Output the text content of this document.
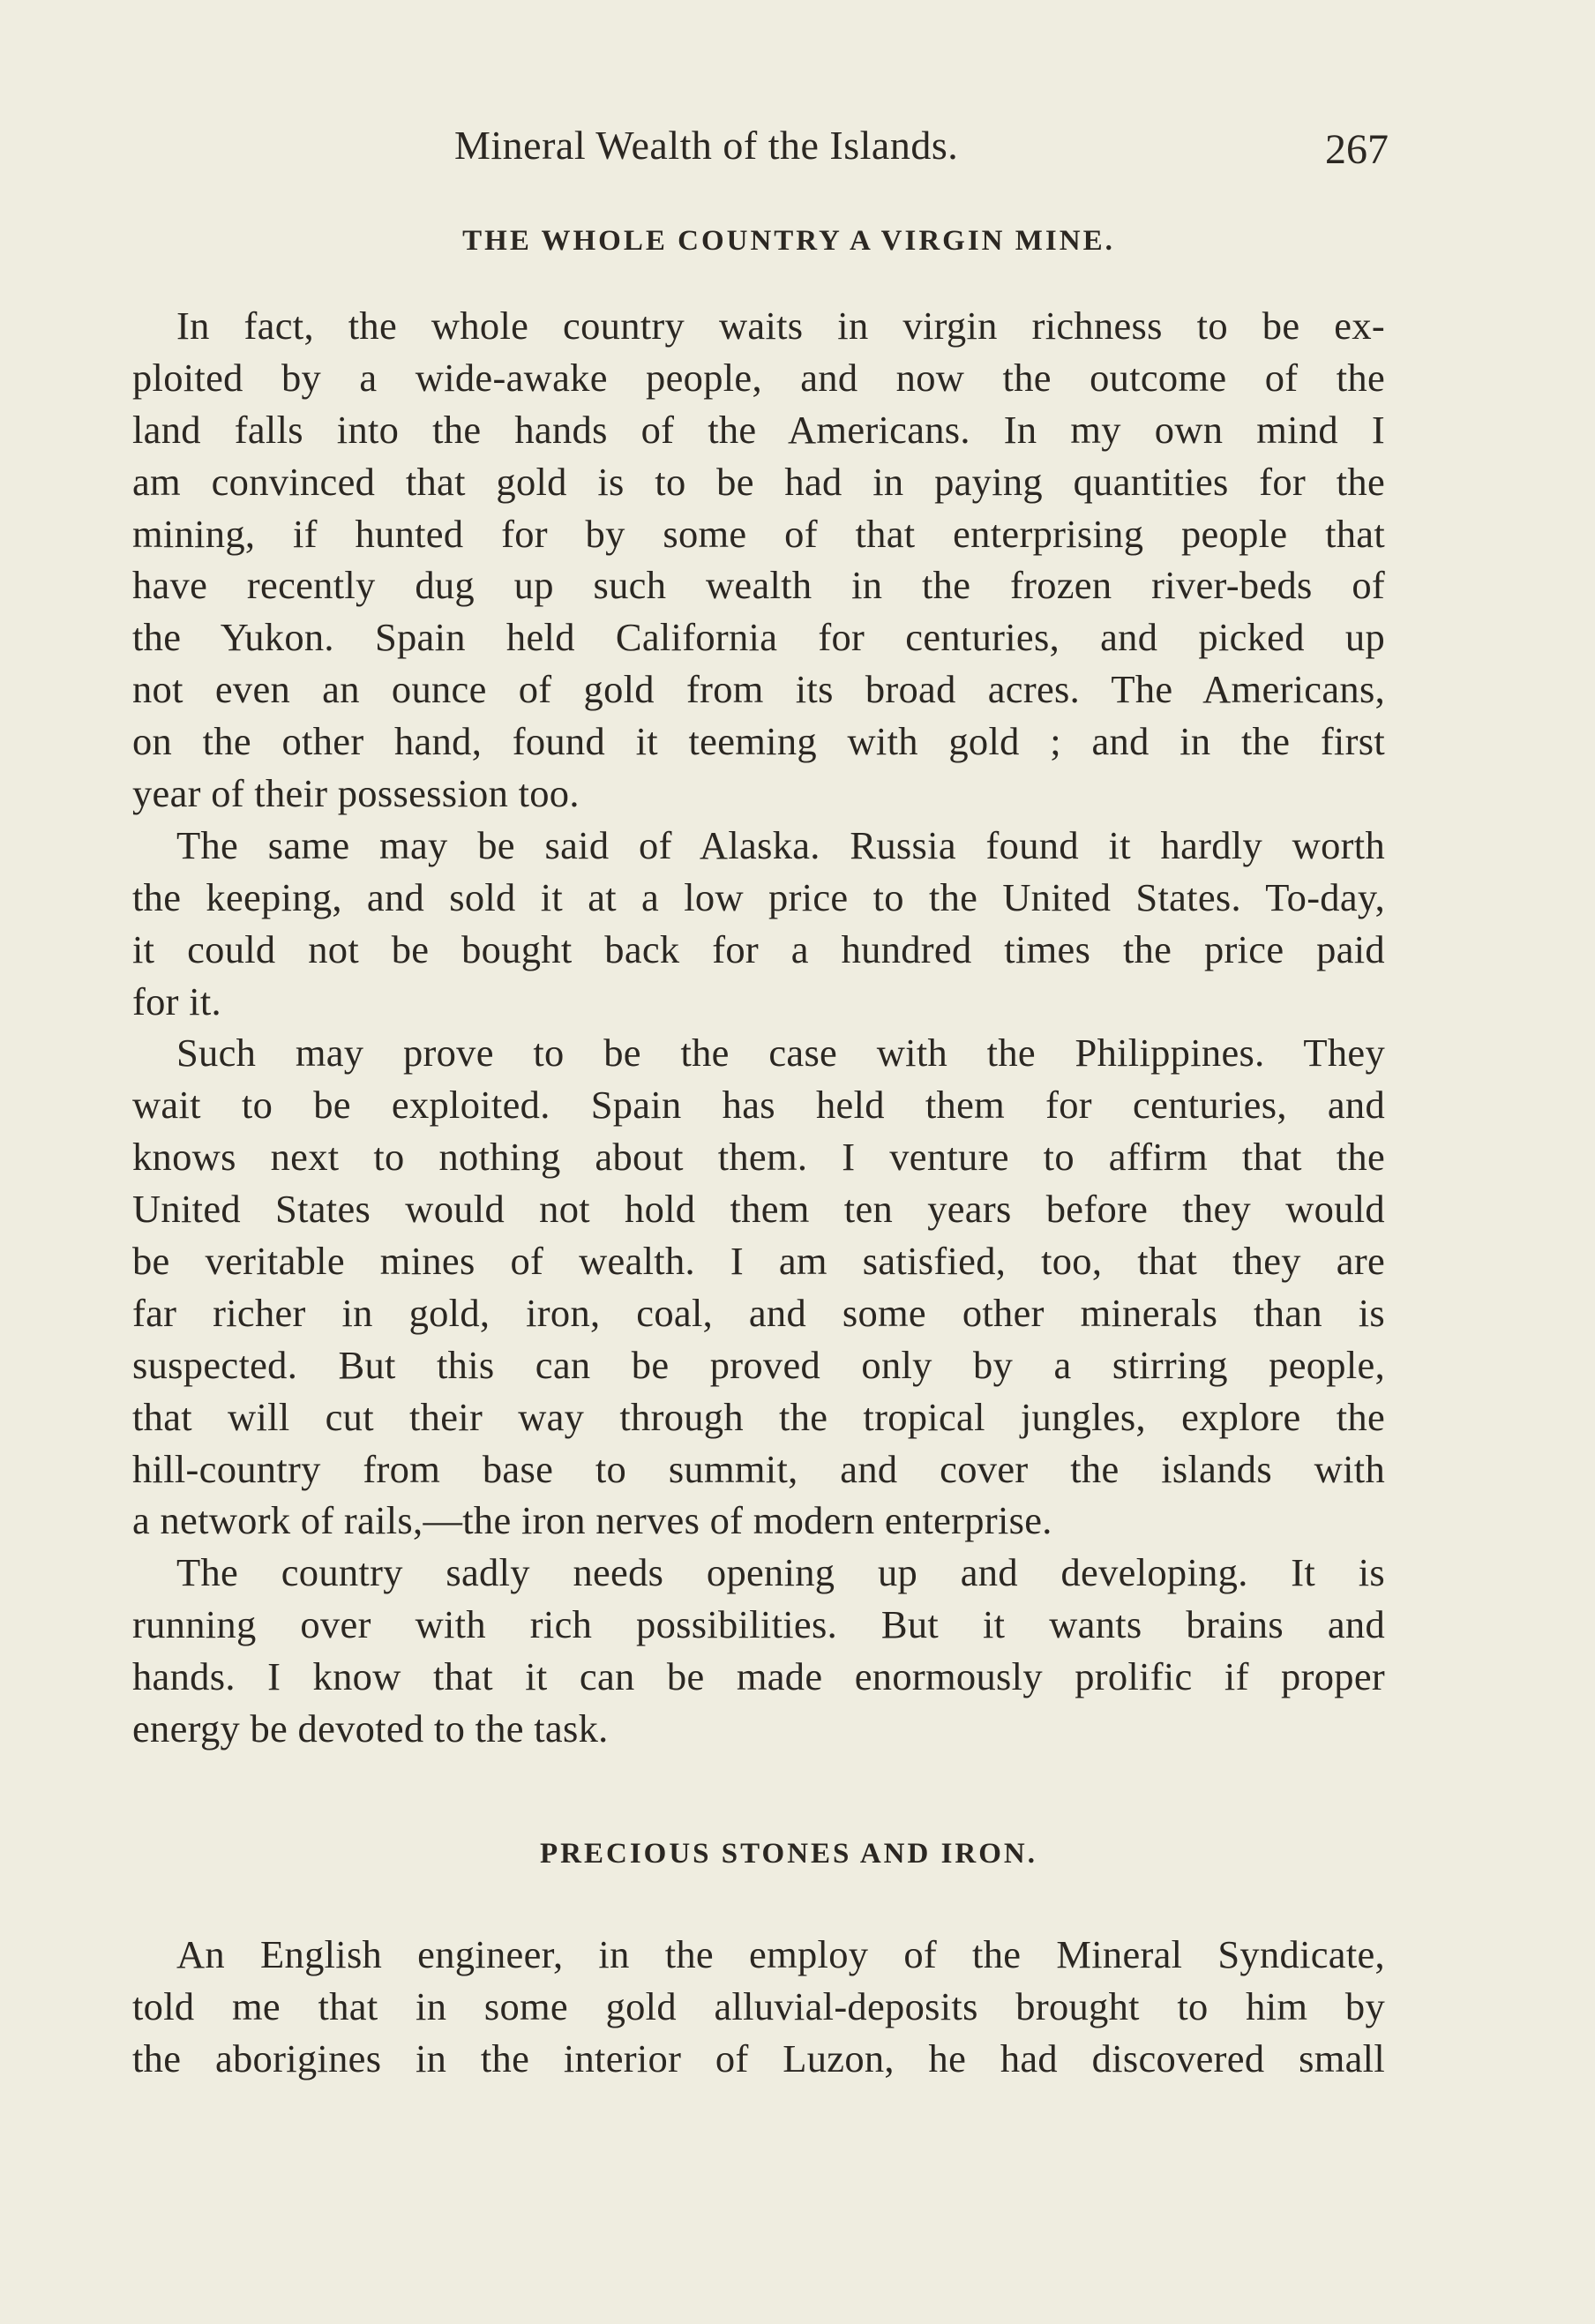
Mineral Wealth of the Islands.	267
THE WHOLE COUNTRY A VIRGIN MINE.
In fact, the whole country waits in virgin richness to be ex-
ploited by a wide-awake people, and now the outcome of the
land falls into the hands of the Americans. In my own mind I
am convinced that gold is to be had in paying quantities for the
mining, if hunted for by some of that enterprising people that
have recently dug up such wealth in the frozen river-beds of
the Yukon. Spain held California for centuries, and picked up
not even an ounce of gold from its broad acres. The Americans,
on the other hand, found it teeming with gold ; and in the first
year of their possession too.
The same may be said of Alaska. Russia found it hardly worth
the keeping, and sold it at a low price to the United States. To-day,
it could not be bought back for a hundred times the price paid
for it.
Such may prove to be the case with the Philippines. They
wait to be exploited. Spain has held them for centuries, and
knows next to nothing about them. I venture to affirm that the
United States would not hold them ten years before they would
be veritable mines of wealth. I am satisfied, too, that they are
far richer in gold, iron, coal, and some other minerals than is
suspected. But this can be proved only by a stirring people,
that will cut their way through the tropical jungles, explore the
hill-country from base to summit, and cover the islands with
a network of rails,—the iron nerves of modern enterprise.
The country sadly needs opening up and developing. It is
running over with rich possibilities. But it wants brains and
hands. I know that it can be made enormously prolific if proper
energy be devoted to the task.
PRECIOUS STONES AND IRON.
An English engineer, in the employ of the Mineral Syndicate,
told me that in some gold alluvial-deposits brought to him by
the aborigines in the interior of Luzon, he had discovered small
